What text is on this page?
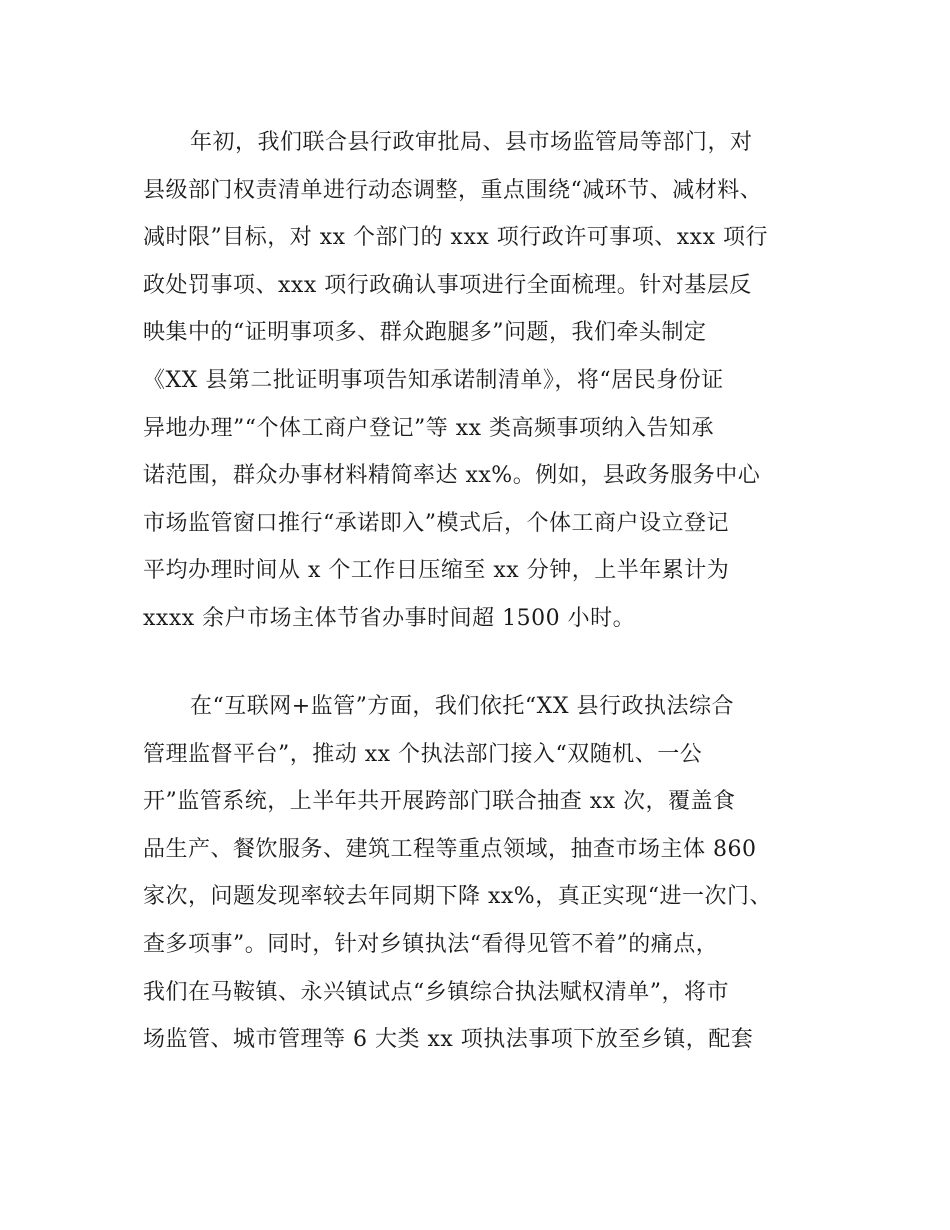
年初，我们联合县行政审批局、县市场监管局等部门，对
县级部门权责清单进行动态调整，重点围绕“减环节、减材料、
减时限”目标，对 xx 个部门的 xxx 项行政许可事项、xxx 项行
政处罚事项、xxx 项行政确认事项进行全面梳理。针对基层反
映集中的“证明事项多、群众跑腿多”问题，我们牵头制定
《XX 县第二批证明事项告知承诺制清单》，将“居民身份证
异地办理”“个体工商户登记”等 xx 类高频事项纳入告知承
诺范围，群众办事材料精简率达 xx%。例如，县政务服务中心
市场监管窗口推行“承诺即入”模式后，个体工商户设立登记
平均办理时间从 x 个工作日压缩至 xx 分钟，上半年累计为
xxxx 余户市场主体节省办事时间超 1500 小时。
在“互联网+监管”方面，我们依托“XX 县行政执法综合
管理监督平台”，推动 xx 个执法部门接入“双随机、一公
开”监管系统，上半年共开展跨部门联合抽查 xx 次，覆盖食
品生产、餐饮服务、建筑工程等重点领域，抽查市场主体 860
家次，问题发现率较去年同期下降 xx%，真正实现“进一次门、
查多项事”。同时，针对乡镇执法“看得见管不着”的痛点，
我们在马鞍镇、永兴镇试点“乡镇综合执法赋权清单”，将市
场监管、城市管理等 6 大类 xx 项执法事项下放至乡镇，配套
